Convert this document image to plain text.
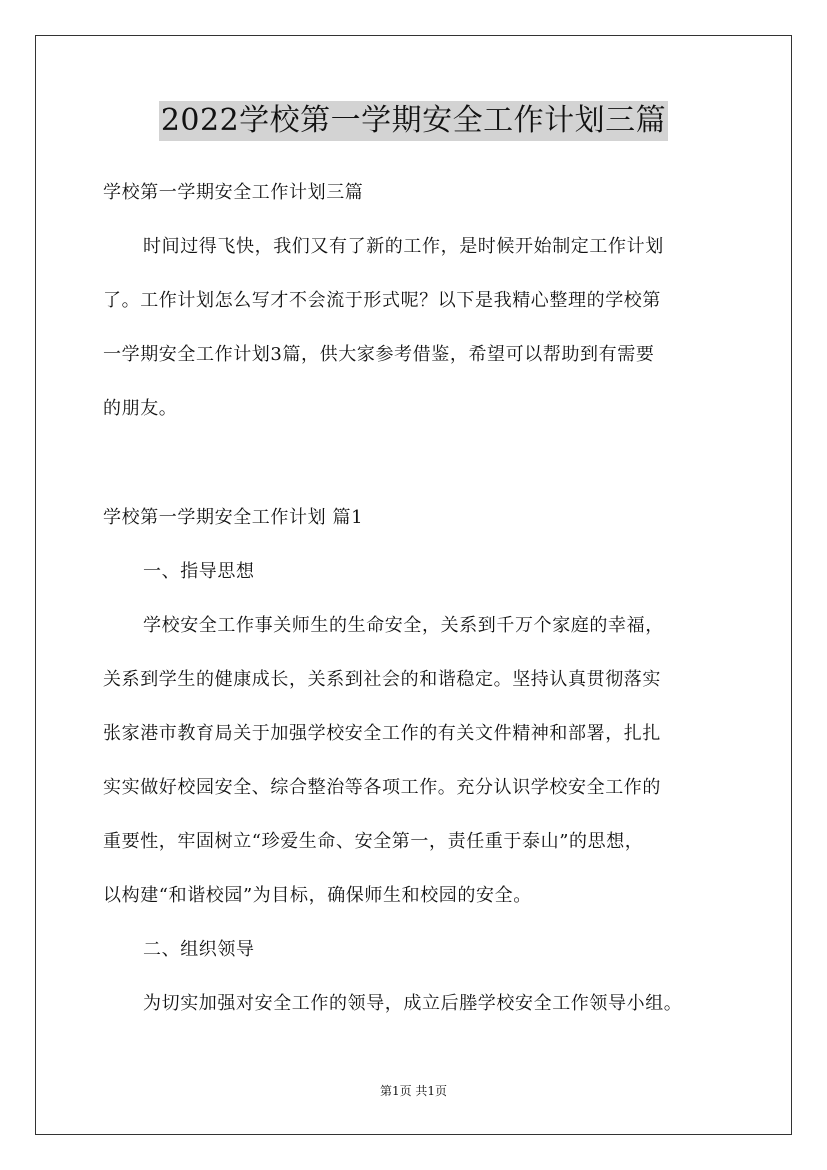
2022学校第一学期安全工作计划三篇
学校第一学期安全工作计划三篇
时间过得飞快，我们又有了新的工作，是时候开始制定工作计划
了。工作计划怎么写才不会流于形式呢？以下是我精心整理的学校第
一学期安全工作计划3篇，供大家参考借鉴，希望可以帮助到有需要
的朋友。
学校第一学期安全工作计划 篇1
一、指导思想
学校安全工作事关师生的生命安全，关系到千万个家庭的幸福，
关系到学生的健康成长，关系到社会的和谐稳定。坚持认真贯彻落实
张家港市教育局关于加强学校安全工作的有关文件精神和部署，扎扎
实实做好校园安全、综合整治等各项工作。充分认识学校安全工作的
重要性，牢固树立“珍爱生命、安全第一，责任重于泰山”的思想，
以构建“和谐校园”为目标，确保师生和校园的安全。
二、组织领导
为切实加强对安全工作的领导，成立后塍学校安全工作领导小组。
第1页 共1页
